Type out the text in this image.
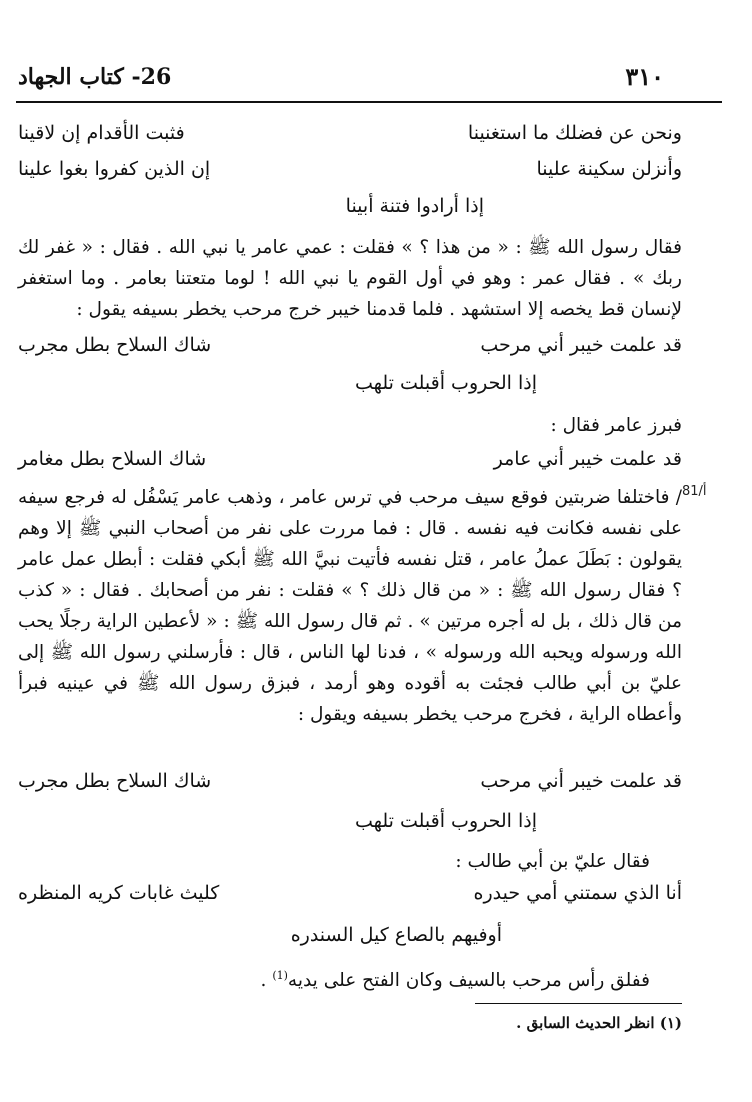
26- كتاب الجهاد	٣١٠
ونحن عن فضلك ما استغنينا
فثبت الأقدام إن لاقينا
وأنزلن سكينة علينا
إن الذين كفروا بغوا علينا
إذا أرادوا فتنة أبينا
فقال رسول الله ﷺ : « من هذا ؟ » فقلت : عمي عامر يا نبي الله . فقال : « غفر لك ربك » . فقال عمر : وهو في أول القوم يا نبي الله ! لوما متعتنا بعامر . وما استغفر لإنسان قط يخصه إلا استشهد . فلما قدمنا خيبر خرج مرحب يخطر بسيفه يقول :
قد علمت خيبر أني مرحب
شاك السلاح بطل مجرب
إذا الحروب أقبلت تلهب
فبرز عامر فقال :
قد علمت خيبر أني عامر
شاك السلاح بطل مغامر
أ/81
/ فاختلفا ضربتين فوقع سيف مرحب في ترس عامر ، وذهب عامر يَسْفُل له فرجع سيفه على نفسه فكانت فيه نفسه . قال : فما مررت على نفر من أصحاب النبي ﷺ إلا وهم يقولون : بَطَلَ عملُ عامر ، قتل نفسه فأتيت نبيَّ الله ﷺ أبكي فقلت : أبطل عمل عامر ؟ فقال رسول الله ﷺ : « من قال ذلك ؟ » فقلت : نفر من أصحابك . فقال : « كذب من قال ذلك ، بل له أجره مرتين » . ثم قال رسول الله ﷺ : « لأعطين الراية رجلًا يحب الله ورسوله ويحبه الله ورسوله » ، فدنا لها الناس ، قال : فأرسلني رسول الله ﷺ إلى عليّ بن أبي طالب فجئت به أقوده وهو أرمد ، فبزق رسول الله ﷺ في عينيه فبرأ وأعطاه الراية ، فخرج مرحب يخطر بسيفه ويقول :
قد علمت خيبر أني مرحب
شاك السلاح بطل مجرب
إذا الحروب أقبلت تلهب
فقال عليّ بن أبي طالب :
أنا الذي سمتني أمي حيدره
كليث غابات كريه المنظره
أوفيهم بالصاع كيل السندره
ففلق رأس مرحب بالسيف وكان الفتح على يديه$^{(1)}$ .
(١) انظر الحديث السابق .
